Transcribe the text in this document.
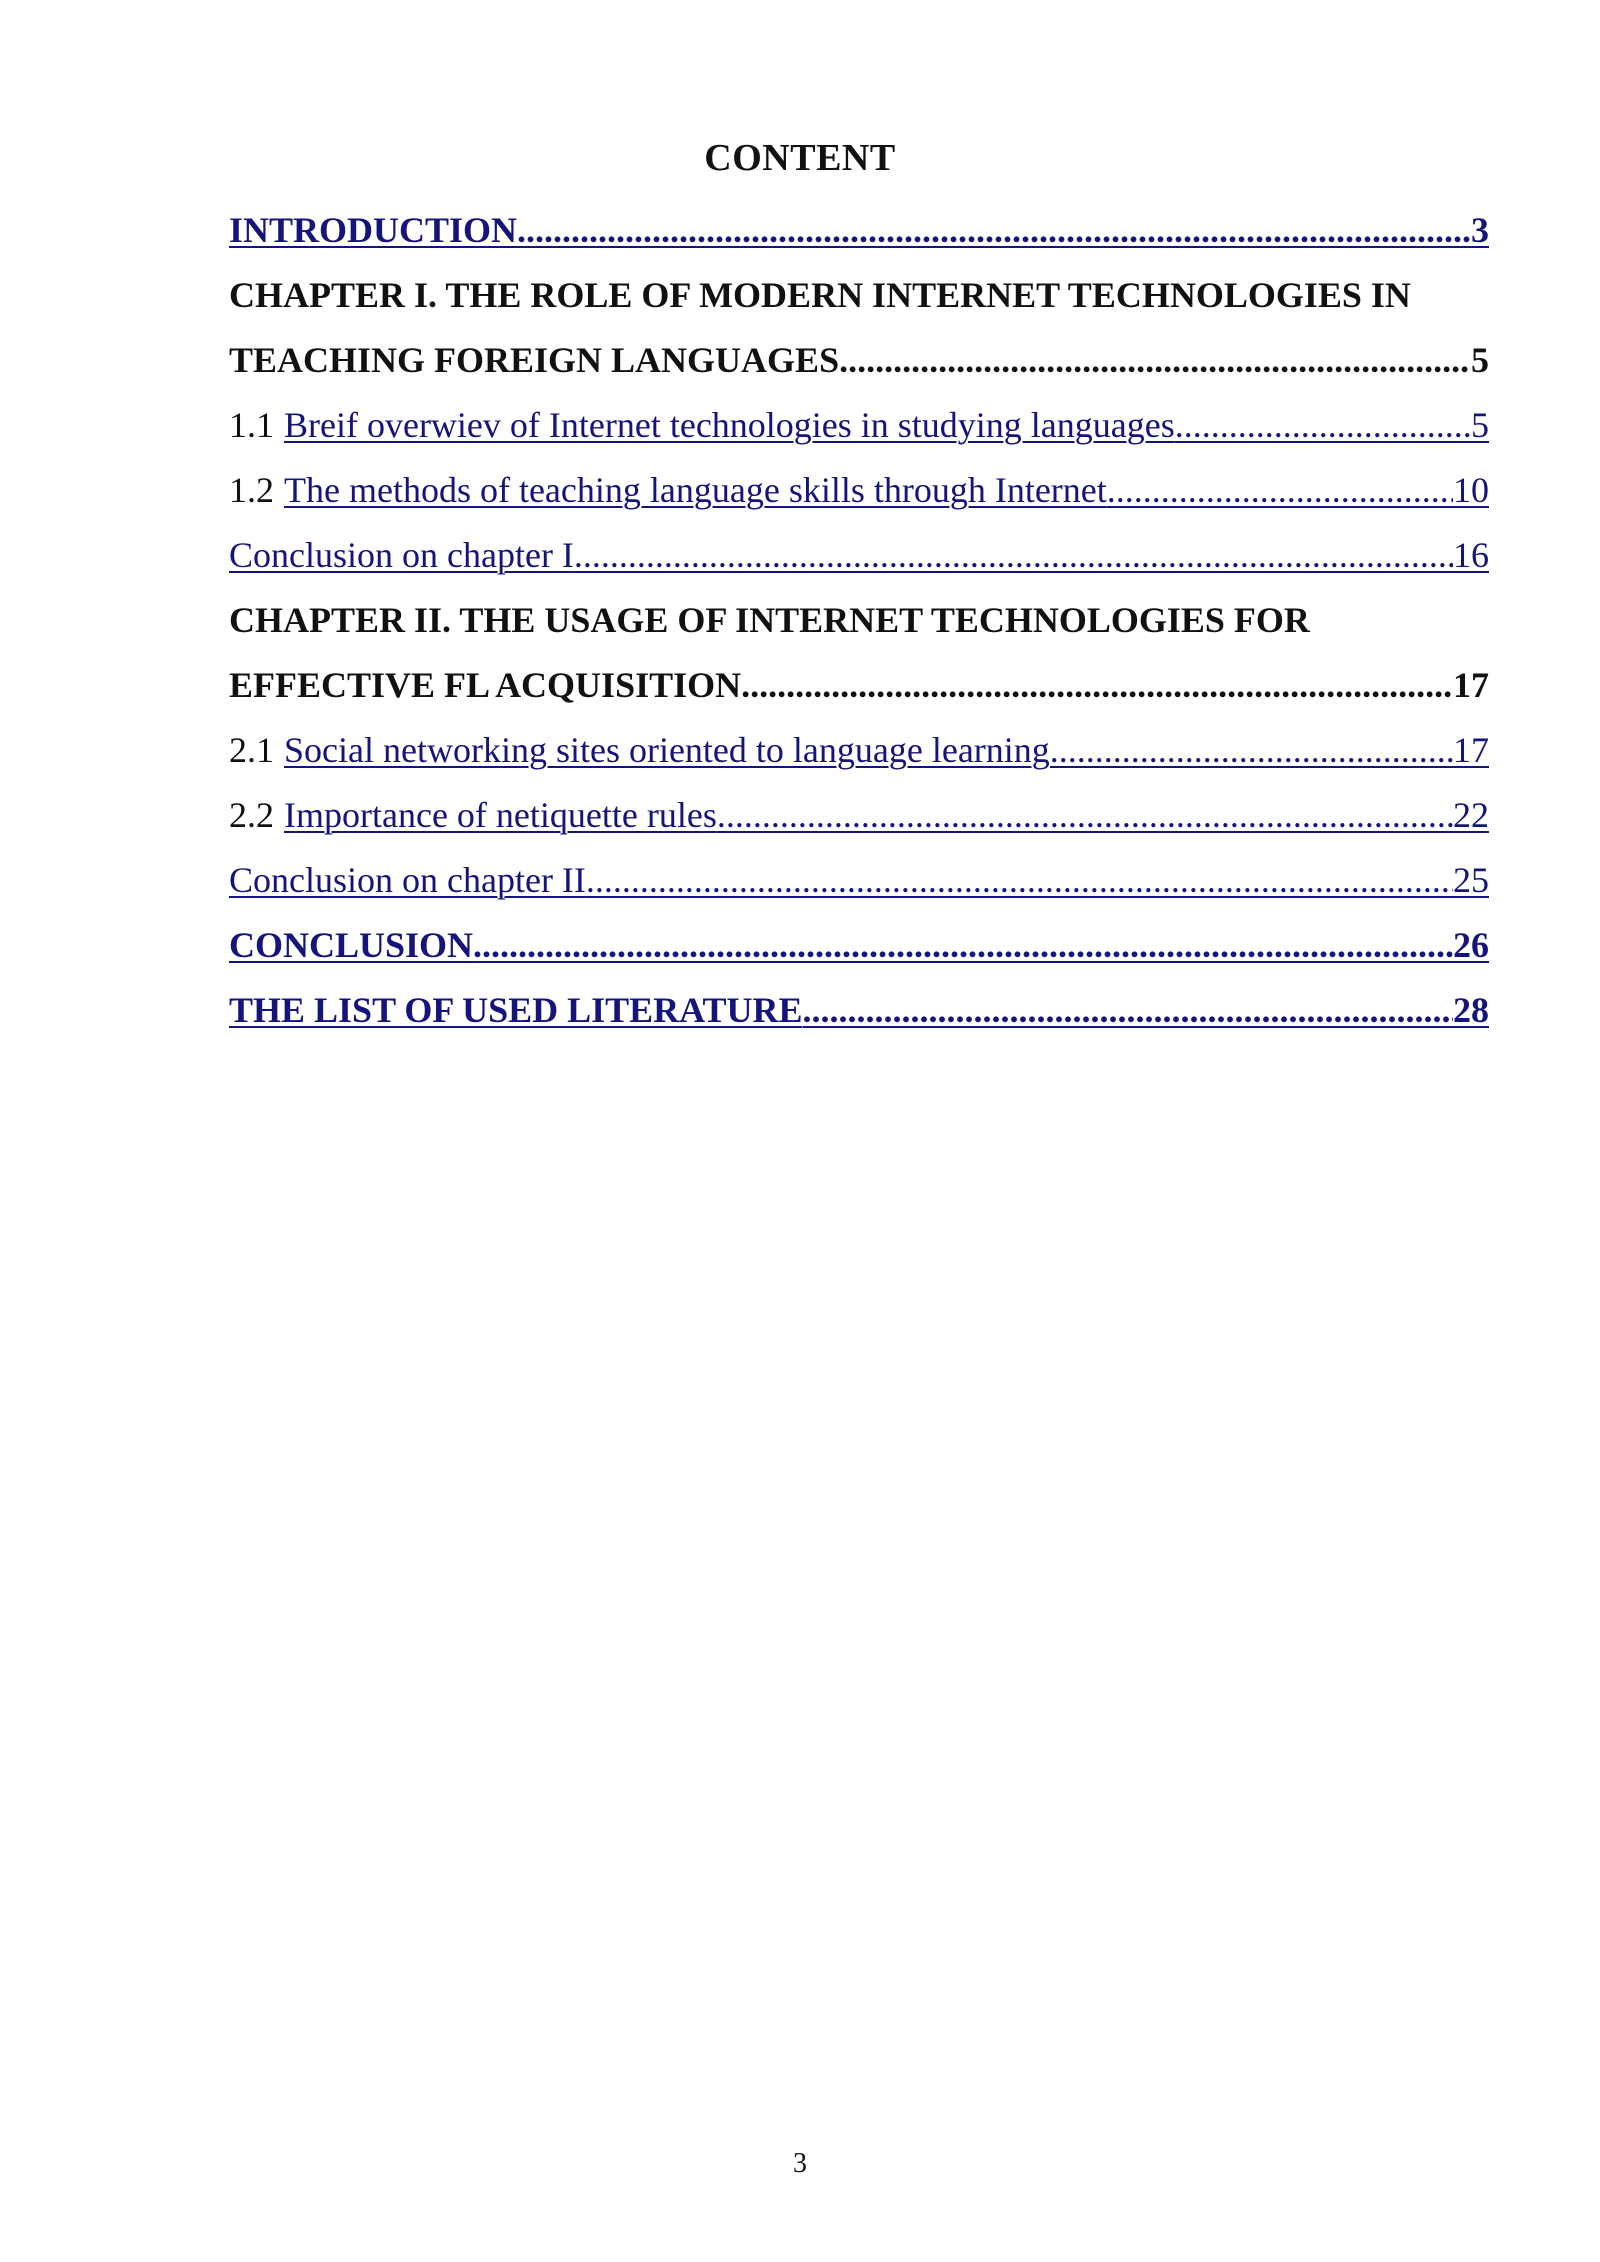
CONTENT
INTRODUCTION .....	3
CHAPTER I. THE ROLE OF MODERN INTERNET TECHNOLOGIES IN
TEACHING FOREIGN LANGUAGES .....	5
1.1 Breif overwiev of Internet technologies in studying languages .....	5
1.2 The methods of teaching language skills through Internet .....	10
Conclusion on chapter I .....	16
CHAPTER II. THE USAGE OF INTERNET TECHNOLOGIES FOR
EFFECTIVE FL ACQUISITION .....	17
2.1 Social networking sites oriented to language learning .....	17
2.2 Importance of netiquette rules .....	22
Conclusion on chapter II .....	25
CONCLUSION .....	26
THE LIST OF USED LITERATURE .....	28
3
